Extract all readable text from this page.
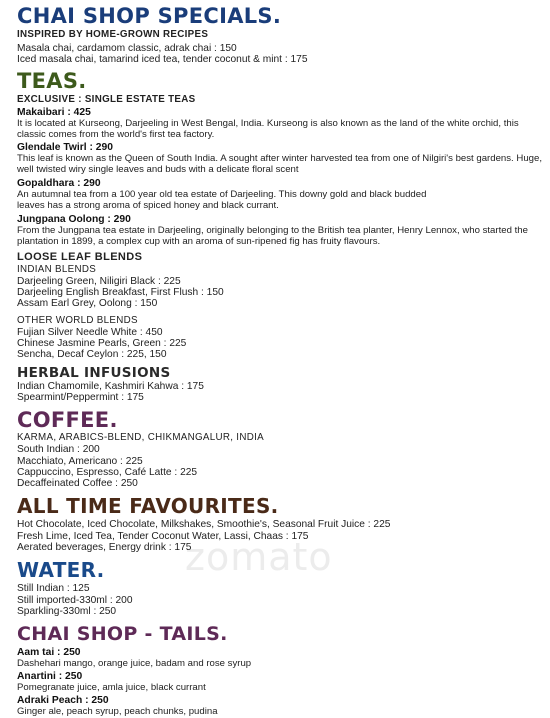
zomato
CHAI SHOP SPECIALS.
INSPIRED BY HOME-GROWN RECIPES
Masala chai, cardamom classic, adrak chai : 150
Iced masala chai, tamarind iced tea, tender coconut & mint : 175
TEAS.
EXCLUSIVE : SINGLE ESTATE TEAS
Makaibari : 425
It is located at Kurseong, Darjeeling in West Bengal, India. Kurseong is also known as the land of the white orchid, this classic comes from the world's first tea factory.
Glendale Twirl : 290
This leaf is known as the Queen of South India. A sought after winter harvested tea from one of Nilgiri's best gardens. Huge, well twisted wiry single leaves and buds with a delicate floral scent
Gopaldhara : 290
An autumnal tea from a 100 year old tea estate of Darjeeling. This downy gold and black budded leaves has a strong aroma of spiced honey and black currant.
Jungpana Oolong : 290
From the Jungpana tea estate in Darjeeling, originally belonging to the British tea planter, Henry Lennox, who started the plantation in 1899, a complex cup with an aroma of sun-ripened fig has fruity flavours.
LOOSE LEAF BLENDS
INDIAN BLENDS
Darjeeling Green, Niligiri Black : 225
Darjeeling English Breakfast, First Flush : 150
Assam Earl Grey, Oolong : 150
OTHER WORLD BLENDS
Fujian Silver Needle White : 450
Chinese Jasmine Pearls, Green : 225
Sencha, Decaf Ceylon : 225, 150
HERBAL INFUSIONS
Indian Chamomile, Kashmiri Kahwa : 175
Spearmint/Peppermint : 175
COFFEE.
KARMA, ARABICS-BLEND, CHIKMANGALUR, INDIA
South Indian : 200
Macchiato, Americano : 225
Cappuccino, Espresso, Café Latte : 225
Decaffeinated Coffee : 250
ALL TIME FAVOURITES.
Hot Chocolate, Iced Chocolate, Milkshakes, Smoothie's, Seasonal Fruit Juice : 225
Fresh Lime, Iced Tea, Tender Coconut Water, Lassi, Chaas : 175
Aerated beverages, Energy drink : 175
WATER.
Still Indian : 125
Still imported-330ml : 200
Sparkling-330ml : 250
CHAI SHOP - TAILS.
Aam tai : 250
Dashehari mango, orange juice, badam and rose syrup
Anartini : 250
Pomegranate juice, amla juice, black currant
Adraki Peach : 250
Ginger ale, peach syrup, peach chunks, pudina
